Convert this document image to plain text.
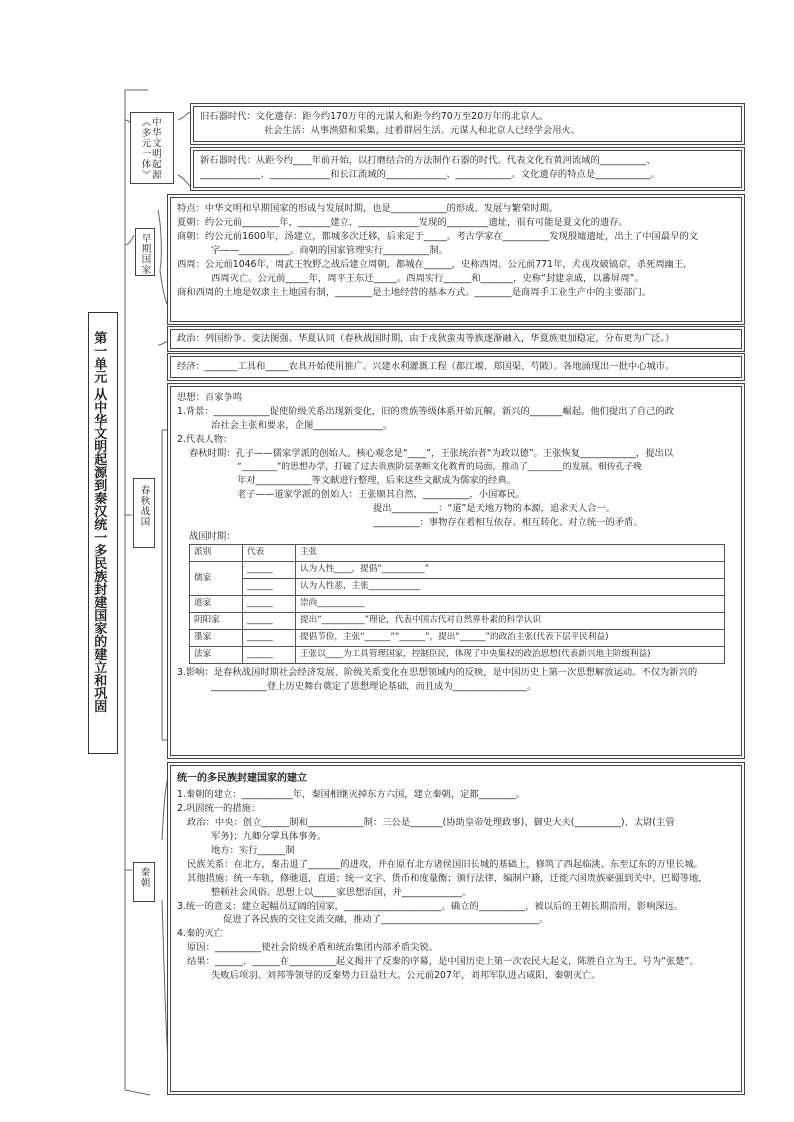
第一单元 从中华文明起源到秦汉统一多民族封建国家的建立和巩固
中华文明起源《多元一体》
早期国家
春秋战国
秦朝
旧石器时代：文化遗存：距今约170万年的元谋人和距今约70万至20万年的北京人。
社会生活：从事渔猎和采集，过着群居生活。元谋人和北京人已经学会用火。
新石器时代：从距今约____年前开始，以打磨结合的方法制作石器的时代。代表文化有黄河流域的__________、
_____________、_____________和长江流域的_____________、____________。文化遗存的特点是____________。
特点：中华文明和早期国家的形成与发展时期，也是____________的形成、发展与繁荣时期。
夏朝：约公元前________年，_______建立，_____________发现的_________遗址，很有可能是夏文化的遗存。
商朝：约公元前1600年，汤建立，都城多次迁移，后来定于_____。考古学家在__________发现殷墟遗址，出土了中国最早的文
字——___________。商朝的国家管理实行__________制。
西周：公元前1046年，周武王牧野之战后建立周朝，都城在______，史称西周。公元前771年，犬戎攻破镐京，杀死周幽王，
西周灭亡。公元前_____年，周平王东迁_____。西周实行______和_______，史称“封建亲戚，以蕃屏周”。
商和西周的土地是奴隶主土地国有制，________是土地经营的基本方式。________是商周手工业生产中的主要部门。
政治：列国纷争、变法图强、华夏认同（春秋战国时期，由于戎狄蛮夷等族逐渐融入，华夏族更加稳定，分布更为广泛。）
经济：_______工具和_____农具开始使用推广。兴建水利灌溉工程（都江堰、郑国渠、芍陂）。各地涌现出一批中心城市。
思想：百家争鸣
1.背景：____________促使阶级关系出现新变化，旧的贵族等级体系开始瓦解，新兴的_______崛起。他们提出了自己的政
治社会主张和要求，企图_______________。
2.代表人物：
春秋时期：孔子——儒家学派的创始人。核心观念是“____”，王张统治者“为政以德”。王张恢复____________，提出以
“________”的思想办学，打破了过去贵族阶层垄断文化教育的局面，推动了________的发展。相传孔子晚
年对____________等文献进行整理，后来这些文献成为儒家的经典。
老子——道家学派的创始人：王张顺其自然，__________，小国寡民。
提出__________：“道”是天地万物的本源，追求天人合一。
__________：事物存在着相互依存、相互转化、对立统一的矛盾。
战国时期：
派别	代表	主张
儒家	______	认为人性____，提倡“__________”
	______	认为人性恶，主张____________
道家	______	崇尚___________
阴阳家	______	提出“__________”理论，代表中国古代对自然界朴素的科学认识
墨家	______	提倡节俭，主张“______”“______”，提出“______”的政治主张(代表下层平民利益)
法家	______	王张以____为工具管理国家，控制臣民，体现了中央集权的政治思想(代表新兴地主阶级利益)
3.影响：是春秋战国时期社会经济发展、阶级关系变化在思想领域内的反映，是中国历史上第一次思想解放运动。不仅为新兴的
____________登上历史舞台奠定了思想理论基础，而且成为________________。
统一的多民族封建国家的建立
1.秦朝的建立：___________年，秦国相继灭掉东方六国，建立秦朝，定都________。
2.巩固统一的措施：
政治：中央：创立______制和____________制：三公是_______(协助皇帝处理政事)、御史大夫(__________)、太尉(主管
军务)；九卿分掌具体事务。
地方：实行______制
民族关系：在北方，秦击退了_______的进攻，并在原有北方诸侯国旧长城的基础上，修筑了西起临洮、东至辽东的万里长城。
其他措施：统一车轨，修驰道，直道；统一文字、货币和度量衡；颁行法律，编制户籍，迁徙六国贵族豪强到关中、巴蜀等地，
整顿社会风俗。思想上以_____家思想治国，并_____________。
3.统一的意义：建立起幅员辽阔的国家，_____________________。确立的__________，被以后的王朝长期沿用，影响深远。
促进了各民族的交往交流交融，推动了__________________________________。
4.秦的灭亡
原因：__________使社会阶级矛盾和统治集团内部矛盾尖锐。
结果：______、______在__________起义揭开了反秦的序幕，是中国历史上第一次农民大起义，陈胜自立为王，号为“张楚”。
失败后项羽、刘邦等领导的反秦势力日益壮大。公元前207年，刘邦军队进占咸阳，秦朝灭亡。
